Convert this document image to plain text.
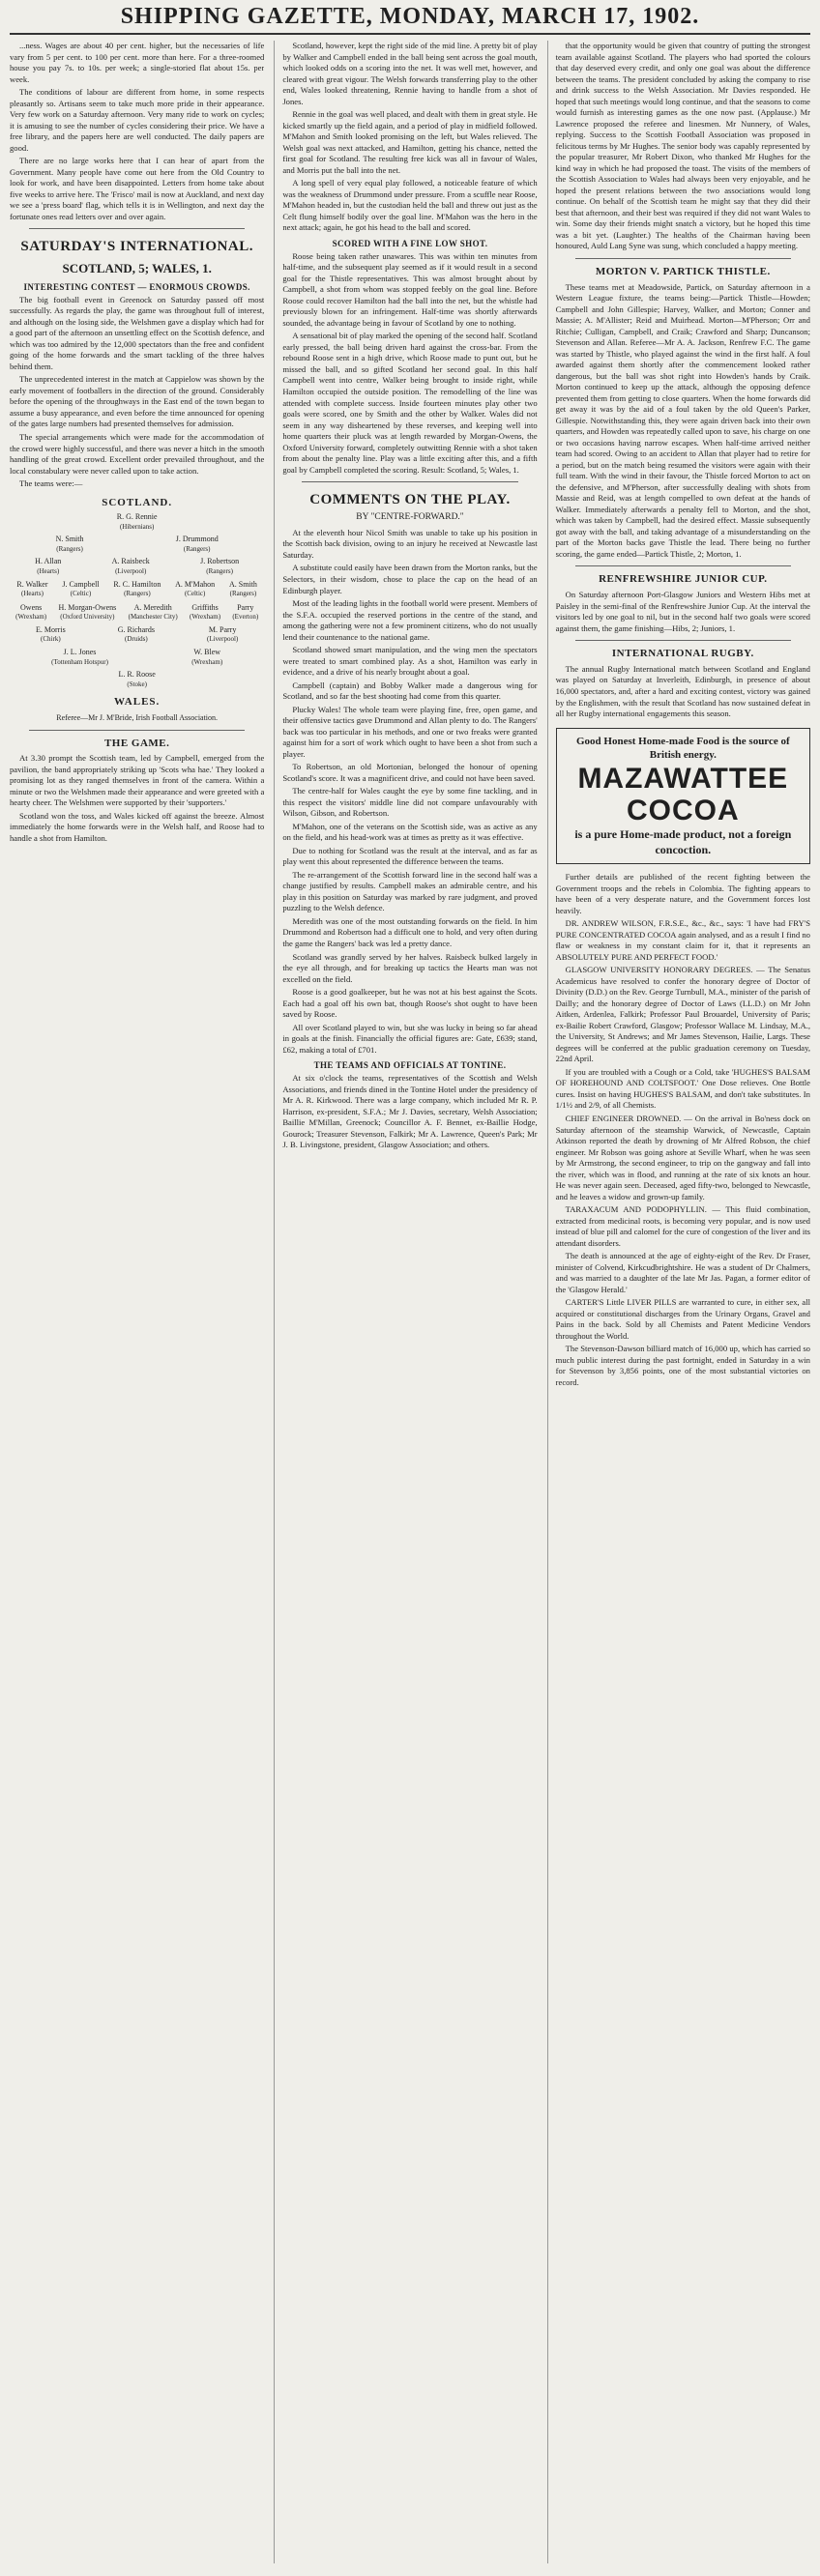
SHIPPING GAZETTE, MONDAY, MARCH 17, 1902.

...ness. Wages are about 40 per cent. higher, but the necessaries of life vary from 5 per cent. to 100 per cent. more than here. For a three-roomed house you pay 7s. to 10s. per week; a single-storied flat about 15s. per week.

The conditions of labour are different from home, in some respects pleasantly so. Artisans seem to take much more pride in their appearance. Very few work on a Saturday afternoon. Very many ride to work on cycles; it is amusing to see the number of cycles considering their price. We have a free library, and the papers here are well conducted. The daily papers are good.

There are no large works here that I can hear of apart from the Government. Many people have come out here from the Old Country to look for work, and have been disappointed. Letters from home take about five weeks to arrive here. The 'Frisco' mail is now at Auckland, and next day we see a 'press board' flag, which tells it is in Wellington, and next day the fortunate ones read letters over and over again.

SATURDAY'S INTERNATIONAL.
SCOTLAND, 5; WALES, 1.
INTERESTING CONTEST — ENORMOUS CROWDS.

The big football event in Greenock on Saturday passed off most successfully. As regards the play, the game was throughout full of interest, and although on the losing side, the Welshmen gave a display which had for a good part of the afternoon an unsettling effect on the Scottish defence, and which was too admired by the 12,000 spectators than the free and confident going of the home forwards and the smart tackling of the three halves behind them.

The unprecedented interest in the match at Cappielow was shown by the early movement of footballers in the direction of the ground. Considerably before the opening of the throughways in the East end of the town began to assume a busy appearance, and even before the time announced for opening of the gates large numbers had presented themselves for admission.

The special arrangements which were made for the accommodation of the crowd were highly successful, and there was never a hitch in the smooth handling of the great crowd. Excellent order prevailed throughout, and the local constabulary were never called upon to take action.

The teams were:—

SCOTLAND.
R. G. Rennie
(Hibernians)
N. Smith
(Rangers)
J. Drummond
(Rangers)
H. Allan
(Hearts)
A. Raisbeck
(Liverpool)
J. Robertson
(Rangers)
R. Walker
(Hearts)
J. Campbell
(Celtic)
R. C. Hamilton
(Rangers)
A. M'Mahon
(Celtic)
A. Smith
(Rangers)
Owens
(Wrexham)
H. Morgan-Owens
(Oxford University)
A. Meredith
(Manchester City)
Griffiths
(Wrexham)
Parry
(Everton)
E. Morris
(Chirk)
G. Richards
(Druids)
M. Parry
(Liverpool)
J. L. Jones
(Tottenham Hotspur)
W. Blew
(Wrexham)
L. R. Roose
(Stoke)
WALES.
Referee—Mr J. M'Bride, Irish Football Association.
THE GAME.

At 3.30 prompt the Scottish team, led by Campbell, emerged from the pavilion, the band appropriately striking up 'Scots wha hae.' They looked a promising lot as they ranged themselves in front of the camera. Within a minute or two the Welshmen made their appearance and were greeted with a hearty cheer. The Welshmen were supported by their 'supporters.'

Scotland won the toss, and Wales kicked off against the breeze. Almost immediately the home forwards were in the Welsh half, and Roose had to handle a shot from Hamilton.

Scotland, however, kept the right side of the mid line. A pretty bit of play by Walker and Campbell ended in the ball being sent across the goal mouth, which looked odds on a scoring into the net. It was well met, however, and cleared with great vigour. The Welsh forwards transferring play to the other end, Wales looked threatening, Rennie having to handle from a shot of Jones.

Rennie in the goal was well placed, and dealt with them in great style. He kicked smartly up the field again, and a period of play in midfield followed. M'Mahon and Smith looked promising on the left, but Wales relieved. The Welsh goal was next attacked, and Hamilton, getting his chance, netted the first goal for Scotland. The resulting free kick was all in favour of Wales, and Morris put the ball into the net.

A long spell of very equal play followed, a noticeable feature of which was the weakness of Drummond under pressure. From a scuffle near Roose, M'Mahon headed in, but the custodian held the ball and threw out just as the Celt flung himself bodily over the goal line. M'Mahon was the hero in the next attack; again, he got his head to the ball and scored.

SCORED WITH A FINE LOW SHOT.

Roose being taken rather unawares. This was within ten minutes from half-time, and the subsequent play seemed as if it would result in a second goal for the Thistle representatives. This was almost brought about by Campbell, a shot from whom was stopped feebly on the goal line. Before Roose could recover Hamilton had the ball into the net, but the whistle had previously blown for an infringement. Half-time was shortly afterwards sounded, the advantage being in favour of Scotland by one to nothing.

A sensational bit of play marked the opening of the second half. Scotland early pressed, the ball being driven hard against the cross-bar. From the rebound Roose sent in a high drive, which Roose made to punt out, but he missed the ball, and so gifted Scotland her second goal. In this half Campbell went into centre, Walker being brought to inside right, while Hamilton occupied the outside position. The remodelling of the line was attended with complete success. Inside fourteen minutes play other two goals were scored, one by Smith and the other by Walker. Wales did not seem in any way disheartened by these reverses, and keeping well into home quarters their pluck was at length rewarded by Morgan-Owens, the Oxford University forward, completely outwitting Rennie with a shot taken from about the penalty line. Play was a little exciting after this, and a fifth goal by Campbell completed the scoring. Result: Scotland, 5; Wales, 1.

COMMENTS ON THE PLAY.
BY "CENTRE-FORWARD."

At the eleventh hour Nicol Smith was unable to take up his position in the Scottish back division, owing to an injury he received at Newcastle last Saturday.

A substitute could easily have been drawn from the Morton ranks, but the Selectors, in their wisdom, chose to place the cap on the head of an Edinburgh player.

Most of the leading lights in the football world were present. Members of the S.F.A. occupied the reserved portions in the centre of the stand, and among the gathering were not a few prominent citizens, who do not usually lend their countenance to the national game.

Scotland showed smart manipulation, and the wing men the spectators were treated to smart combined play. As a shot, Hamilton was early in evidence, and a drive of his nearly brought about a goal.

Campbell (captain) and Bobby Walker made a dangerous wing for Scotland, and so far the best shooting had come from this quarter.

Plucky Wales! The whole team were playing fine, free, open game, and their offensive tactics gave Drummond and Allan plenty to do. The Rangers' back was too particular in his methods, and one or two freaks were granted against him for a sort of work which ought to have been a shot from such a player.

To Robertson, an old Mortonian, belonged the honour of opening Scotland's score. It was a magnificent drive, and could not have been saved.

The centre-half for Wales caught the eye by some fine tackling, and in this respect the visitors' middle line did not compare unfavourably with Wilson, Gibson, and Robertson.

M'Mahon, one of the veterans on the Scottish side, was as active as any on the field, and his head-work was at times as pretty as it was effective.

Due to nothing for Scotland was the result at the interval, and as far as play went this about represented the difference between the teams.

The re-arrangement of the Scottish forward line in the second half was a change justified by results. Campbell makes an admirable centre, and his play in this position on Saturday was marked by rare judgment, and proved puzzling to the Welsh defence.

Meredith was one of the most outstanding forwards on the field. In him Drummond and Robertson had a difficult one to hold, and very often during the game the Rangers' back was led a pretty dance.

Scotland was grandly served by her halves. Raisbeck bulked largely in the eye all through, and for breaking up tactics the Hearts man was not excelled on the field.

Roose is a good goalkeeper, but he was not at his best against the Scots. Each had a goal off his own bat, though Roose's shot ought to have been saved by Roose.

All over Scotland played to win, but she was lucky in being so far ahead in goals at the finish. Financially the official figures are: Gate, £639; stand, £62, making a total of £701.

THE TEAMS AND OFFICIALS AT TONTINE.

At six o'clock the teams, representatives of the Scottish and Welsh Associations, and friends dined in the Tontine Hotel under the presidency of Mr A. R. Kirkwood. There was a large company, which included Mr R. P. Harrison, ex-president, S.F.A.; Mr J. Davies, secretary, Welsh Association; Baillie M'Millan, Greenock; Councillor A. F. Bennet, ex-Baillie Hodge, Gourock; Treasurer Stevenson, Falkirk; Mr A. Lawrence, Queen's Park; Mr J. B. Livingstone, president, Glasgow Association; and others.

that the opportunity would be given that country of putting the strongest team available against Scotland. The players who had sported the colours that day deserved every credit, and only one goal was about the difference between the teams. The president concluded by asking the company to rise and drink success to the Welsh Association. Mr Davies responded. He hoped that such meetings would long continue, and that the seasons to come would furnish as interesting games as the one now past. (Applause.) Mr Lawrence proposed the referee and linesmen. Mr Nunnery, of Wales, replying. Success to the Scottish Football Association was proposed in felicitous terms by Mr Hughes. The senior body was capably represented by the popular treasurer, Mr Robert Dixon, who thanked Mr Hughes for the kind way in which he had proposed the toast. The visits of the members of the Scottish Association to Wales had always been very enjoyable, and he hoped the present relations between the two associations would long continue. On behalf of the Scottish team he might say that they did their best that afternoon, and their best was required if they did not want Wales to win. Some day their friends might snatch a victory, but he hoped this time was a bit yet. (Laughter.) The healths of the Chairman having been honoured, Auld Lang Syne was sung, which concluded a happy meeting.

MORTON V. PARTICK THISTLE.

These teams met at Meadowside, Partick, on Saturday afternoon in a Western League fixture, the teams being:—Partick Thistle—Howden; Campbell and John Gillespie; Harvey, Walker, and Morton; Conner and Massie; A. M'Allister; Reid and Muirhead. Morton—M'Pherson; Orr and Ritchie; Culligan, Campbell, and Craik; Crawford and Sharp; Duncanson; Stevenson and Allan. Referee—Mr A. A. Jackson, Renfrew F.C. The game was started by Thistle, who played against the wind in the first half. A foul awarded against them shortly after the commencement looked rather dangerous, but the ball was shot right into Howden's hands by Craik. Morton continued to keep up the attack, although the opposing defence prevented them from getting to close quarters. When the home forwards did get away it was by the aid of a foul taken by the old Queen's Parker, Gillespie. Notwithstanding this, they were again driven back into their own quarters, and Howden was repeatedly called upon to save, his charge on one or two occasions having narrow escapes. When half-time arrived neither team had scored. Owing to an accident to Allan that player had to retire for a period, but on the match being resumed the visitors were again with their full team. With the wind in their favour, the Thistle forced Morton to act on the defensive, and M'Pherson, after successfully dealing with shots from Massie and Reid, was at length compelled to own defeat at the hands of Walker. Immediately afterwards a penalty fell to Morton, and the shot, which was taken by Campbell, had the desired effect. Massie subsequently got away with the ball, and taking advantage of a misunderstanding on the part of the Morton backs gave Thistle the lead. There being no further scoring, the game ended—Partick Thistle, 2; Morton, 1.

RENFREWSHIRE JUNIOR CUP.

On Saturday afternoon Port-Glasgow Juniors and Western Hibs met at Paisley in the semi-final of the Renfrewshire Junior Cup. At the interval the visitors led by one goal to nil, but in the second half two goals were scored against them, the game finishing—Hibs, 2; Juniors, 1.

INTERNATIONAL RUGBY.

The annual Rugby International match between Scotland and England was played on Saturday at Inverleith, Edinburgh, in presence of about 16,000 spectators, and, after a hard and exciting contest, victory was gained by the Englishmen, with the result that Scotland has now sustained defeat in all her Rugby international engagements this season.

Good Honest Home-made Food is the source of British energy.
MAZAWATTEE
COCOA
is a pure Home-made product, not a foreign concoction.

Further details are published of the recent fighting between the Government troops and the rebels in Colombia. The fighting appears to have been of a very desperate nature, and the Government forces lost heavily.

DR. ANDREW WILSON, F.R.S.E., &c., &c., says: 'I have had FRY'S PURE CONCENTRATED COCOA again analysed, and as a result I find no flaw or weakness in my constant claim for it, that it represents an ABSOLUTELY PURE AND PERFECT FOOD.'

GLASGOW UNIVERSITY HONORARY DEGREES. — The Senatus Academicus have resolved to confer the honorary degree of Doctor of Divinity (D.D.) on the Rev. George Turnbull, M.A., minister of the parish of Dailly; and the honorary degree of Doctor of Laws (LL.D.) on Mr John Aitken, Ardenlea, Falkirk; Professor Paul Brouardel, University of Paris; ex-Bailie Robert Crawford, Glasgow; Professor Wallace M. Lindsay, M.A., the University, St Andrews; and Mr James Stevenson, Hailie, Largs. These degrees will be conferred at the public graduation ceremony on Tuesday, 22nd April.

If you are troubled with a Cough or a Cold, take 'HUGHES'S BALSAM OF HOREHOUND AND COLTSFOOT.' One Dose relieves. One Bottle cures. Insist on having HUGHES'S BALSAM, and don't take substitutes. In 1/1½ and 2/9, of all Chemists.

CHIEF ENGINEER DROWNED. — On the arrival in Bo'ness dock on Saturday afternoon of the steamship Warwick, of Newcastle, Captain Atkinson reported the death by drowning of Mr Alfred Robson, the chief engineer. Mr Robson was going ashore at Seville Wharf, when he was seen by Mr Armstrong, the second engineer, to trip on the gangway and fall into the river, which was in flood, and running at the rate of six knots an hour. He was never again seen. Deceased, aged fifty-two, belonged to Newcastle, and he leaves a widow and grown-up family.

TARAXACUM AND PODOPHYLLIN. — This fluid combination, extracted from medicinal roots, is becoming very popular, and is now used instead of blue pill and calomel for the cure of congestion of the liver and its attendant disorders.

The death is announced at the age of eighty-eight of the Rev. Dr Fraser, minister of Colvend, Kirkcudbrightshire. He was a student of Dr Chalmers, and was married to a daughter of the late Mr Jas. Pagan, a former editor of the 'Glasgow Herald.'

CARTER'S Little LIVER PILLS are warranted to cure, in either sex, all acquired or constitutional discharges from the Urinary Organs, Gravel and Pains in the back. Sold by all Chemists and Patent Medicine Vendors throughout the World.

The Stevenson-Dawson billiard match of 16,000 up, which has carried so much public interest during the past fortnight, ended in Saturday in a win for Stevenson by 3,856 points, one of the most substantial victories on record.
